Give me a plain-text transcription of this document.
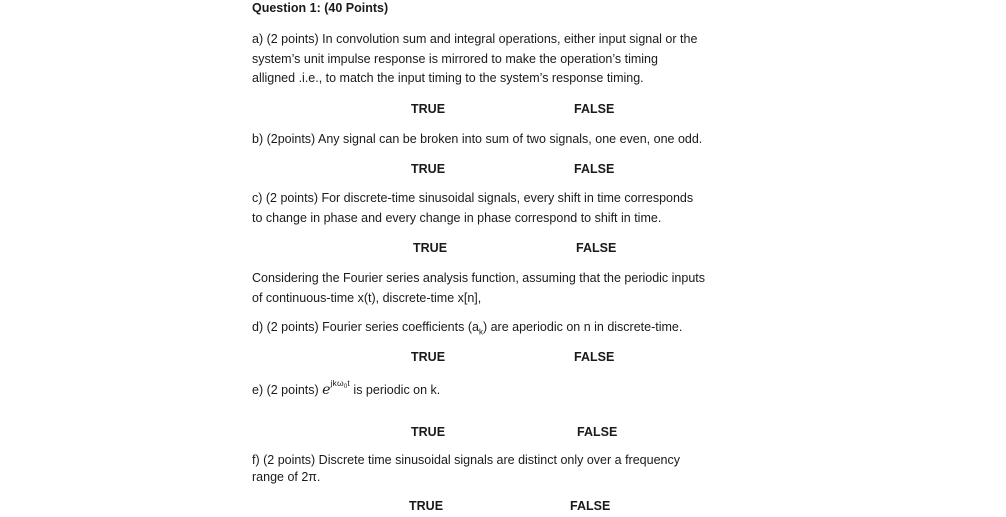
Question 1: (40 Points)
a) (2 points) In convolution sum and integral operations, either input signal or the
system’s unit impulse response is mirrored to make the operation’s timing
alligned .i.e., to match the input timing to the system’s response timing.
TRUE	FALSE
b) (2points) Any signal can be broken into sum of two signals, one even, one odd.
TRUE	FALSE
c) (2 points) For discrete-time sinusoidal signals, every shift in time corresponds
to change in phase and every change in phase correspond to shift in time.
TRUE	FALSE
Considering the Fourier series analysis function, assuming that the periodic inputs
of continuous-time x(t), discrete-time x[n],
d) (2 points) Fourier series coefficients $(a_k)$ are aperiodic on n in discrete-time.
TRUE	FALSE
e) (2 points) $e^{jk\omega_0t}$ is periodic on k.
TRUE	FALSE
f) (2 points) Discrete time sinusoidal signals are distinct only over a frequency
range of 2π.
TRUE	FALSE
